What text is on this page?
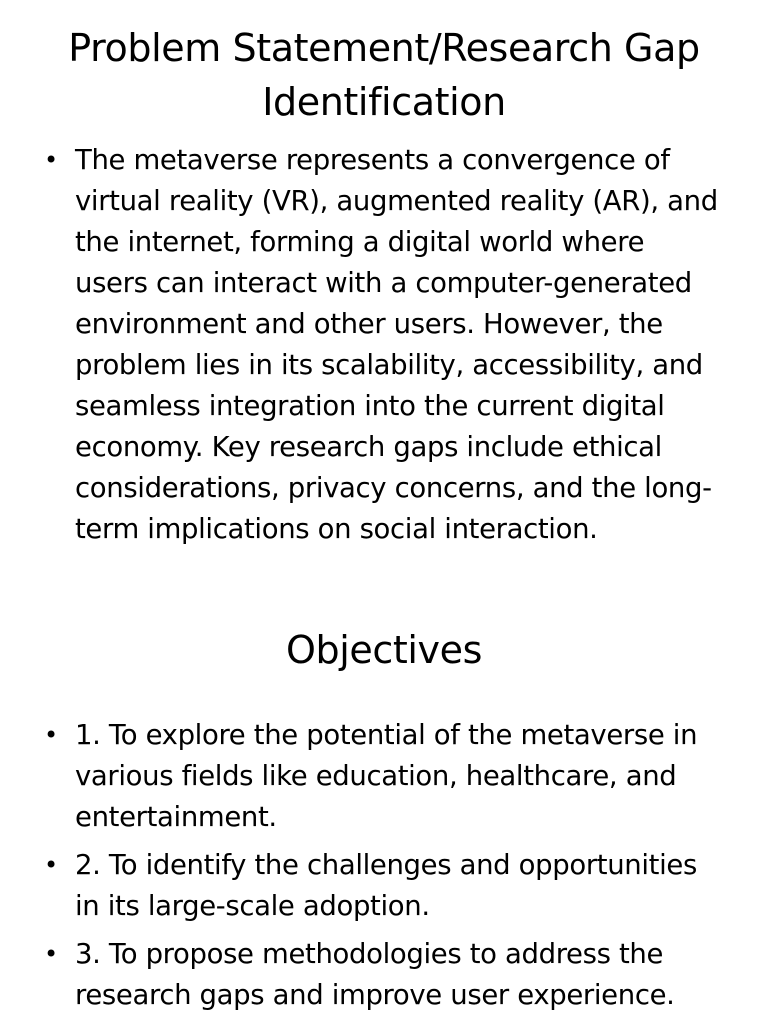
Problem Statement/Research Gap Identification
• The metaverse represents a convergence of virtual reality (VR), augmented reality (AR), and the internet, forming a digital world where users can interact with a computer-generated environment and other users. However, the problem lies in its scalability, accessibility, and seamless integration into the current digital economy. Key research gaps include ethical considerations, privacy concerns, and the long-term implications on social interaction.
Objectives
• 1. To explore the potential of the metaverse in various fields like education, healthcare, and entertainment.
• 2. To identify the challenges and opportunities in its large-scale adoption.
• 3. To propose methodologies to address the research gaps and improve user experience.
